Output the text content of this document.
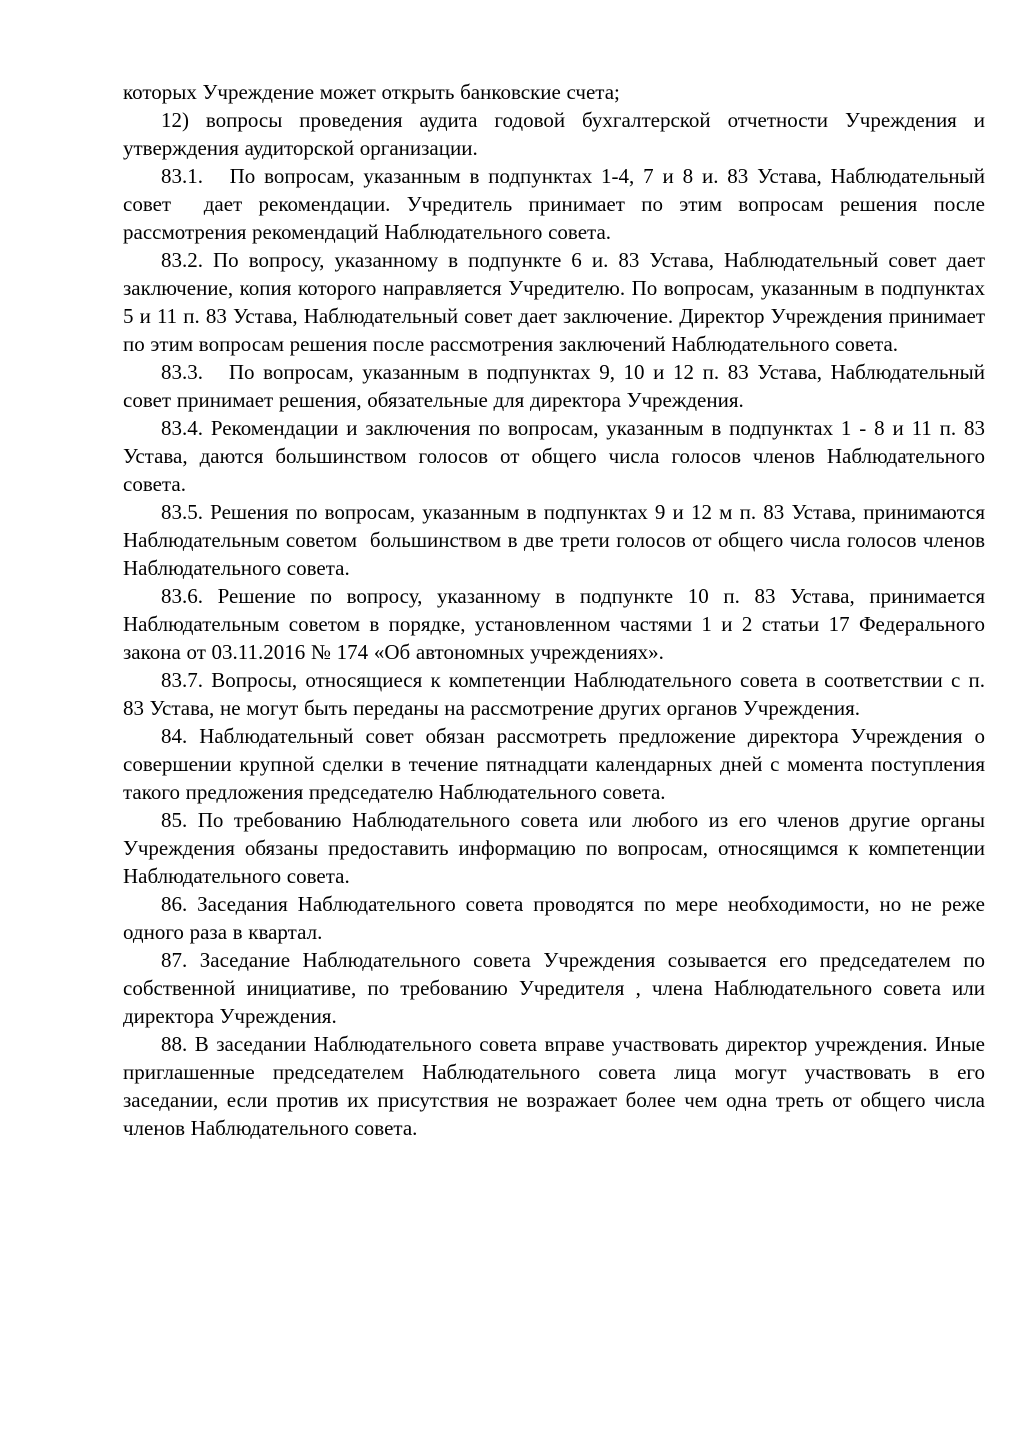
которых Учреждение может открыть банковские счета;

12) вопросы проведения аудита годовой бухгалтерской отчетности Учреждения и утверждения аудиторской организации.

83.1.   По вопросам, указанным в подпунктах 1-4, 7 и 8 и. 83 Устава, Наблюдательный совет  дает рекомендации. Учредитель принимает по этим вопросам решения после рассмотрения рекомендаций Наблюдательного совета.

83.2. По вопросу, указанному в подпункте 6 и. 83 Устава, Наблюдательный совет дает заключение, копия которого направляется Учредителю. По вопросам, указанным в подпунктах 5 и 11 п. 83 Устава, Наблюдательный совет дает заключение. Директор Учреждения принимает по этим вопросам решения после рассмотрения заключений Наблюдательного совета.

83.3.   По вопросам, указанным в подпунктах 9, 10 и 12 п. 83 Устава, Наблюдательный совет принимает решения, обязательные для директора Учреждения.

83.4. Рекомендации и заключения по вопросам, указанным в подпунктах 1 - 8 и 11 п. 83 Устава, даются большинством голосов от общего числа голосов членов Наблюдательного совета.

83.5. Решения по вопросам, указанным в подпунктах 9 и 12 м п. 83 Устава, принимаются Наблюдательным советом  большинством в две трети голосов от общего числа голосов членов Наблюдательного совета.

83.6. Решение по вопросу, указанному в подпункте 10 п. 83 Устава, принимается Наблюдательным советом в порядке, установленном частями 1 и 2 статьи 17 Федерального закона от 03.11.2016 № 174 «Об автономных учреждениях».

83.7. Вопросы, относящиеся к компетенции Наблюдательного совета в соответствии с п. 83 Устава, не могут быть переданы на рассмотрение других органов Учреждения.

84. Наблюдательный совет обязан рассмотреть предложение директора Учреждения о совершении крупной сделки в течение пятнадцати календарных дней с момента поступления такого предложения председателю Наблюдательного совета.

85. По требованию Наблюдательного совета или любого из его членов другие органы Учреждения обязаны предоставить информацию по вопросам, относящимся к компетенции Наблюдательного совета.

86. Заседания Наблюдательного совета проводятся по мере необходимости, но не реже одного раза в квартал.

87. Заседание Наблюдательного совета Учреждения созывается его председателем по собственной инициативе, по требованию Учредителя , члена Наблюдательного совета или директора Учреждения.

88. В заседании Наблюдательного совета вправе участвовать директор учреждения. Иные приглашенные председателем Наблюдательного совета лица могут участвовать в его заседании, если против их присутствия не возражает более чем одна треть от общего числа членов Наблюдательного совета.
